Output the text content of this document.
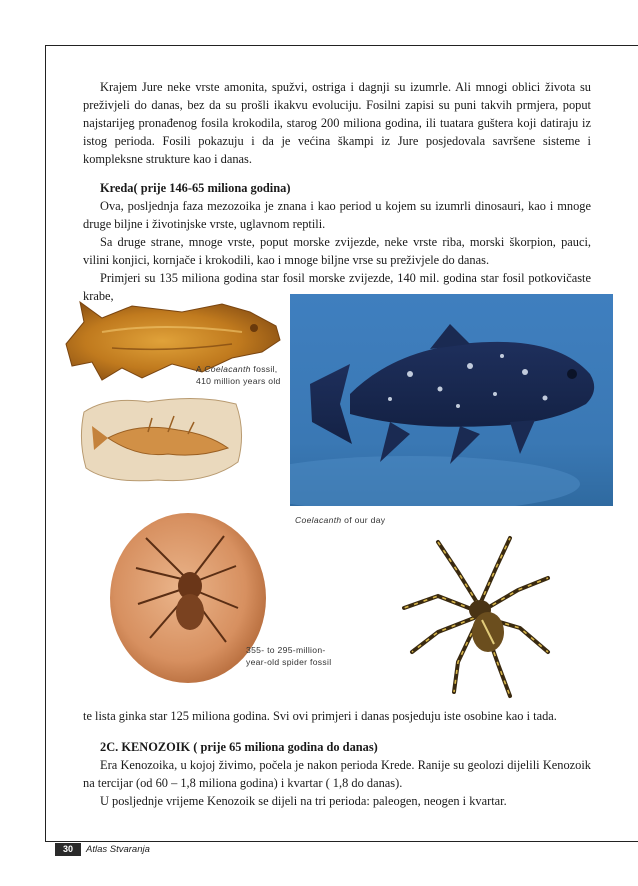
Krajem Jure neke vrste amonita, spužvi, ostriga i dagnji su izumrle. Ali mnogi oblici života su preživjeli do danas, bez da su prošli ikakvu evoluciju. Fosilni zapisi su puni takvih prmjera, poput najstarijeg pronađenog fosila krokodila, starog 200 miliona godina, ili tuatara guštera koji datiraju iz istog perioda. Fosili pokazuju i da je većina škampi iz Jure posjedovala savršene sisteme i kompleksne strukture kao i danas.

Kreda( prije 146-65 miliona godina)

Ova, posljednja faza mezozoika je znana i kao period u kojem su izumrli dinosauri, kao i mnoge druge biljne i životinjske vrste, uglavnom reptili.

Sa druge strane, mnoge vrste, poput morske zvijezde, neke vrste riba, morski škorpion, pauci, vilini konjici, kornjače i krokodili, kao i mnoge biljne vrse su preživjele do danas.

Primjeri su 135 miliona godina star fosil morske zvijezde, 140 mil. godina star fosil potkovičaste krabe,

A Coelacanth fossil,
410 million years old
Coelacanth of our day
355- to 295-million-
year-old spider fossil

te lista ginka star 125 miliona godina. Svi ovi primjeri i danas posjeduju iste osobine kao i tada.

2C. KENOZOIK ( prije 65 miliona godina do danas)

Era Kenozoika, u kojoj živimo, počela je nakon perioda Krede. Ranije su geolozi dijelili Kenozoik na tercijar (od 60 – 1,8 miliona godina) i kvartar ( 1,8 do danas).

U posljednje vrijeme Kenozoik se dijeli na tri perioda: paleogen, neogen i kvartar.

30	Atlas Stvaranja
